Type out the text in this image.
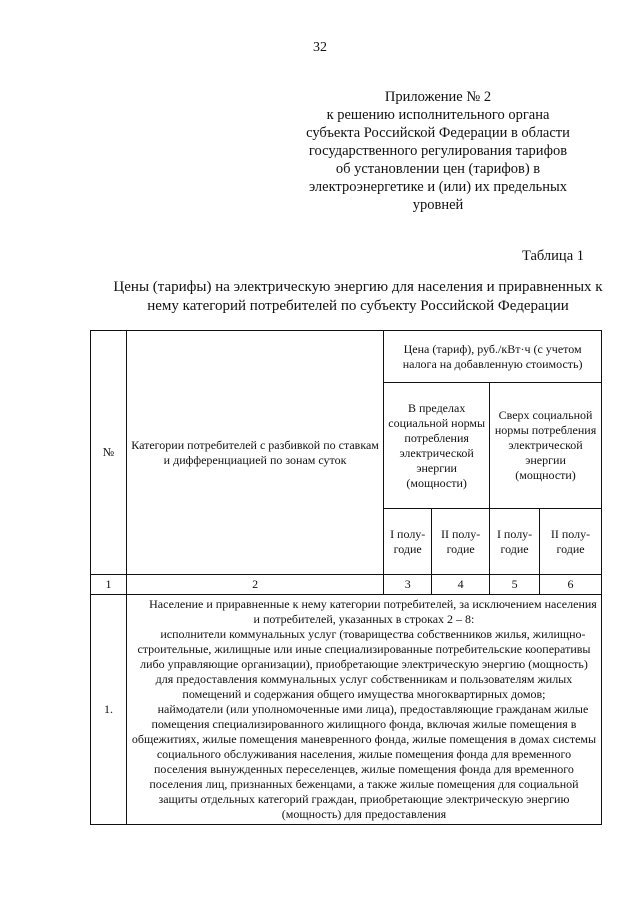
32
Приложение № 2
к решению исполнительного органа
субъекта Российской Федерации в области
государственного регулирования тарифов
об установлении цен (тарифов) в
электроэнергетике и (или) их предельных
уровней
Таблица 1
Цены (тарифы) на электрическую энергию для населения и приравненных к
нему категорий потребителей по субъекту Российской Федерации
№	Категории потребителей с разбивкой по ставкам и дифференциацией по зонам суток	Цена (тариф), руб./кВт·ч (с учетом налога на добавленную стоимость)			
		В пределах социальной нормы потребления электрической энергии (мощности)		Сверх социальной нормы потребления электрической энергии (мощности)	
		I полу-годие	II полу-годие	I полу-годие	II полу-годие
1	2	3	4	5	6
1.	Население и приравненные к нему категории потребителей, за исключением населения и потребителей, указанных в строках 2 – 8:

исполнители коммунальных услуг (товарищества собственников жилья, жилищно-строительные, жилищные или иные специализированные потребительские кооперативы либо управляющие организации), приобретающие электрическую энергию (мощность) для предоставления коммунальных услуг собственникам и пользователям жилых помещений и содержания общего имущества многоквартирных домов;

наймодатели (или уполномоченные ими лица), предоставляющие гражданам жилые помещения специализированного жилищного фонда, включая жилые помещения в общежитиях, жилые помещения маневренного фонда, жилые помещения в домах системы социального обслуживания населения, жилые помещения фонда для временного поселения вынужденных переселенцев, жилые помещения фонда для временного поселения лиц, признанных беженцами, а также жилые помещения для социальной защиты отдельных категорий граждан, приобретающие электрическую энергию (мощность) для предоставления				
